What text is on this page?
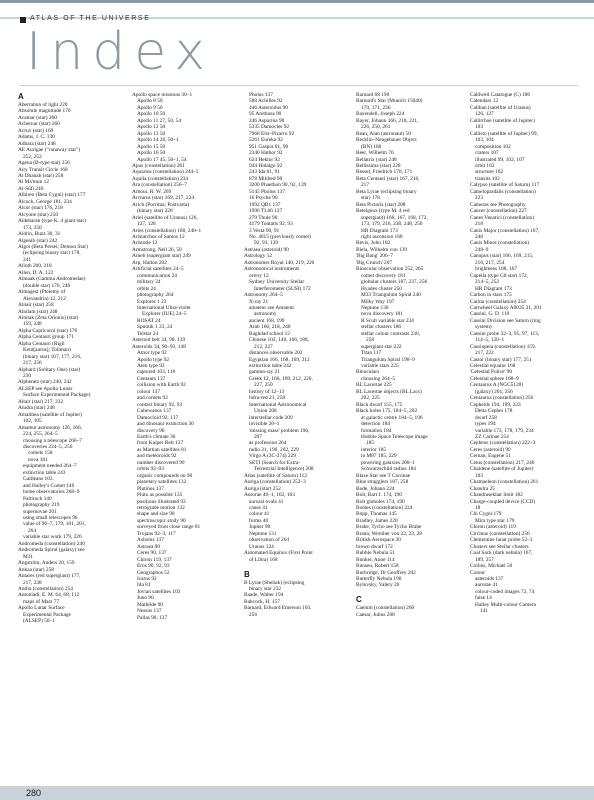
ATLAS OF THE UNIVERSE
Index
A
Aberration of light 220
Absolute magnitude 170
Acamar (star) 260
Achernar (star) 260
Acrux (star) 169
Adams, J. C. 130
Adhara (star) 248
AE Aurigae ("runaway star")
252, 253
Agena (B-type star) 256
Airy Transit Circle 168
Al Dhanab (star) 258
Al Ma'mun 12
Al-Sûfi 240
Albireo (Beta Cygni) (star) 177
Alcock, George 181, 234
Alcor (star) 176, 218
Alcyone (star) 250
Aldebaran (type K. 4 giant star)
173, 250
Aldrin, Buzz 30, 31
Algenib (star) 242
Algol (Beta Persei; Demon Star)
(eclipsing binary star) 178,
241
Alioth 200, 218
Allen, D. A. 122
Almaak (Gamma Andromedae)
(double star) 176, 240
Almagest (Ptolemy of
Alexandria) 12, 212
Alnair (star) 258
Alnilam (star) 248
Alnitak (Zeta Orionis) (star)
159, 248
Alpha Capricorni (star) 176
Alpha Centauri group 171
Alpha Centauri (Rigil
Kent[aurus]; Toliman)
(binary star) 167, 177, 216,
217, 256
Alphard (Solitary One) (star)
230
Alpheratz (star) 240, 242
ALSEP see Apollo Lunar
Surface Experimental Package)
Altair (star) 217, 232
Aludra (star) 248
Amalthea (satellite of Jupiter)
102, 105
Amateur astronomy 126, 166,
224, 255, 264–5
choosing a telescope 266–7
discoveries 234–5, 256
comets 158
nova 181
equipment needed 264–7
extinction table 243
Galileans 103
and Halley's Comet 140
home observatories 268–9
Paltiroch 140
photography 219
supernovae 201
using small telescopes 96
value of 96–7, 179, 181, 201,
264
variable star work 179, 226
Andromeda (constellation) 240
Andromeda Spiral (galaxy) see
M31
Ångström, Anders 20, 159
Ankaa (star) 258
Antares (red supergiant) 177,
217, 238
Antlia (constellation) 254
Antoniadi, E. M. 64, 68, 112
maps of Mars 77
Apollo Lunar Surface
Experimental Package
(ALSEP) 50–1
Apollo space missions 30–1
Apollo 8 50
Apollo 9 50
Apollo 10 50
Apollo 11 27, 50, 54
Apollo 12 50
Apollo 13 50
Apollo 14 26, 50–1
Apollo 15 50
Apollo 16 50
Apollo 17 45, 50–1, 54
Apus (constellation) 261
Aquarius (constellation) 244–5
Aquila (constellation) 234
Ara (constellation) 256–7
Arbour, R. W. 269
Arcturus (star) 169, 217, 224
Arich (Porrima; Postvarta)
(binary star) 228
Ariel (satellite of Uranus) 126,
127, 128
Aries (constellation) 168, 240–1
Aristarchus of Samos 12
Aristotle 12
Armstrong, Neil 26, 50
Arneb (supergiant star) 249
Arp, Halton 202
Artificial satellites 24–5
communication 24
military 24
orbits 24
photography 264
Explorer 1 23
International Ultra-violet
Explorer (IUE) 24–5
ROSAT 24
Sputnik 1 23, 24
Telstar 24
Asteroid belt 34, 90, 139
Asteroids 34, 90–93, 148
Amor type 92
Apollo type 92
Aten type 92
captured 103, 116
Centaurs 137
collision with Earth 92
colour 137
and comets 92
contact binary 92, 93
Cubewanos 137
Damocloid 92, 137
and dinosaur extinction 36
discovery 90
Earth's climate 36
from Kuiper Belt 137
as Martian satellites 81
and meteoroids 92
number discovered 90
orbits 92–93
organic compounds on 90
planetary satellites 132
Plutinos 137
Pluto as possible 135
positions illustrated 93
retrograde motion 132
shape and size 90
spectroscopic study 90
surveyed from close range 81
Trojans 92–3, 117
Asbolus 137
Astraea 90
Ceres 90, 137
Chiron 119, 137
Eros 90, 92, 93
Geographos 52
Icarus 92
Ida 81
Jovian satellites 103
Juno 90
Mathilde 90
Nessus 137
Pallas 90, 137
Pholus 137
588 Achilles 92
446 Asteroidus 90
95 Arethusa 90
246 Asporina 90
5335 Damocles 92
7968 Elst–Pizarro 92
5261 Eureka 92
951 Gaspra 81, 90
2340 Hathor 92
624 Hektor 92
944 Hidalgo 92
243 Ida 81, 91
878 Mildred 90
3200 Phaethon 90, 92, 139
5145 Pholus 137
16 Psyche 90
1992 QB1 137
1996 TL66 137
279 Thule 90
4179 Toutatis 92, 93
3 Vesta 90, 91
No. 4015 (previously comet)
92, 93, 139
Astraea (asteroid) 90
Astrology 12
Astronomer Royal 140, 219, 220
Astronomical instruments
orrery 12
Sydney University Stellar
Interferometer (SUSI) 172
Astronomy 264–5
X-ray 21
amateur see Amateur
astronomy
ancient 168, 199
Arab 166, 218, 240
Baghdad school 12
Chinese 102, 140, 166, 188,
212, 227
distances observable 202
Egyptian 166, 168, 169, 212
extinction table 242
gamma-ray 21
Greek 12, 166, 169, 212, 220,
227, 250
history of 12–13
infra-red 21, 258
International Astronomical
Union 208
interstellar code 209
invisible 20–1
'missing mass' problem 196,
207
as profession 264
radio 21, 196, 202, 229
Virgo A (3C-274) 229
SETI (Search for Extra-
Terrestrial Intelligence) 208
Atlas (satellite of Saturn) 112
Auriga (constellation) 252–3
Auriga (star) 252
Aurorae 40–1, 162, 163
auroral ovals 41
cause 41
colour 41
forms 40
Jupiter 98
Neptune 131
observation of 264
Uranus 124
Automated Equinox (First Point
of Libra) 168

B
B Lyrae (Sheliak) (eclipsing
binary star 232
Baade, Walter 194
Babcock, H. 157
Barnard, Edward Emerson 103,
256
Barnard 68 190
Barnard's Star (Munich 15040)
170, 171, 236
Baxendell, Joseph 224
Bayer, Johann 166, 218, 221,
226, 250, 261
Bean, Alan (astronaut) 50
Becklin–Neugebauer Object
(BN) 180
Beer, Wilhelm 76
Bellatrix (star) 248
Bellissima (star) 228
Bessel, Friedrich 170, 171
Beta Centauri (star) 167, 216,
217
Beta Lyrae (eclipsing binary
star) 178
Beta Pictoris (star) 208
Betelgeux (type M. 4 red
supergiant) 166, 167, 168, 172,
173, 179, 216, 238, 248, 250
HR Diagram 173
right ascension 168
Bevis, John 182
Biela, Wilhelm von 139
'Big Bang' 206–7
'Big Crunch' 207
Binocular observation 252, 265
comet discovery 181
globular clusters 187, 237, 256
Hyades cluster 250
M33 Triangulum Spiral 240
Milky Way 197
Neptune 130
nova discovery 181
R Scuti variable star 234
stellar clusters 186
stellar colour contrasts 230,
258
supergiant star 222
Titan 117
Triangulum Spiral 198–9
variable stars 225
Binoculars
choosing 264–5
BL Lacertae 225
BL Lacertae objects (BL Lacs)
202, 225
Black dwarf 155, 175
Black holes 175, 184–5, 202
at galactic centre 184–5, 196
detection 184
formation 184
Hubble Space Telescope image
185
interior 185
in M87 185, 229
powering galaxies 200–1
Schwarzschild radius 184
Blaze Star see T Coronae
Blue stragglers 187, 258
Bode, Johann 224
Bolt, Bart J. 174, 190
Bolt globules 174, 190
Boötes (constellation) 224
Bopp, Thomas 145
Bradley, James 220
Brahe, Tycho see Tycho Brahe
Braun, Wernher von 22, 23, 28
British Aerospace 30
brown dwarf 172
Bubble Nebula 51
Bunker, Anne 114
Bunsen, Robert 158
Burbridge, Dr Geoffrey 202
Butterfly Nebula 190
Byluvsky, Valery 26

C
Caelum (constellation) 260
Caesar, Julius 208
Caldwell Catalogue (C) 186
Calendars 12
Caliban (satellite of Uranus)
126, 127
Callirrhoe (satellite of Jupiter)
103
Callisto (satellite of Jupiter) 99,
103, 104
composition 102
craters 107
illustrated 99, 102, 107
orbit 103
structure 102
transits 102
Calypso (satellite of Saturn) 117
Camelopardalis (constellation)
223
Cameras see Photography
Cancer (constellation) 227
Canes Venatici (constellation)
218
Canis Major (constellation) 167,
248
Canis Minor (constellation)
248–9
Canopus (star) 166, 169, 215,
216, 217, 254
brightness 168, 167
Capella (type G8 star) 172,
214–5, 252
HR Diagram 173
Carbon in stars 175
Carina (constellation) 254
Cartwheel Galaxy A0035 31, 201
Cassini, G. D. 110
Cassini Division see Saturn (ring
system)
Cassini probe 32–3, 95, 97, 113,
114–5, 120–1
Cassiopeia (constellation) 159,
217, 222
Castor (binary star) 177, 251
Celestial equator 168
'Celestial Police' 90
Celestial sphere 168–9
Centaurus A (NGC5128)
(galaxy) 201, 256
Centaurus (constellation) 256
Cepheids 194, 199, 223
Delta Cephei 178
dwarf 258
types 194
variable 173, 178, 179, 234
ZZ Carinae 254
Cepheus (constellation) 222–3
Ceres (asteroid) 90
Cernan, Eugene 51
Cetus (constellation) 217, 246
Chaldene (satellite of Jupiter)
103
Chamaeleon (constellation) 261
Chandra 25
Chandrasekhar limit 182
Charge-coupled device (CCD)
18
Chi Cygni 179
Mira type star 179
Chiron (asteroid) 119
Circinus (constellation) 256
Clementine lunar probe 52–3
Clusters see Stellar clusters
Coal Sack (dark nebula) 167,
189, 257
Collins, Michael 50
Colour
asteroids 137
aurorae 41
colour-coded images 72, 74
false 14
Halley Multi-colour Camera
141
280
